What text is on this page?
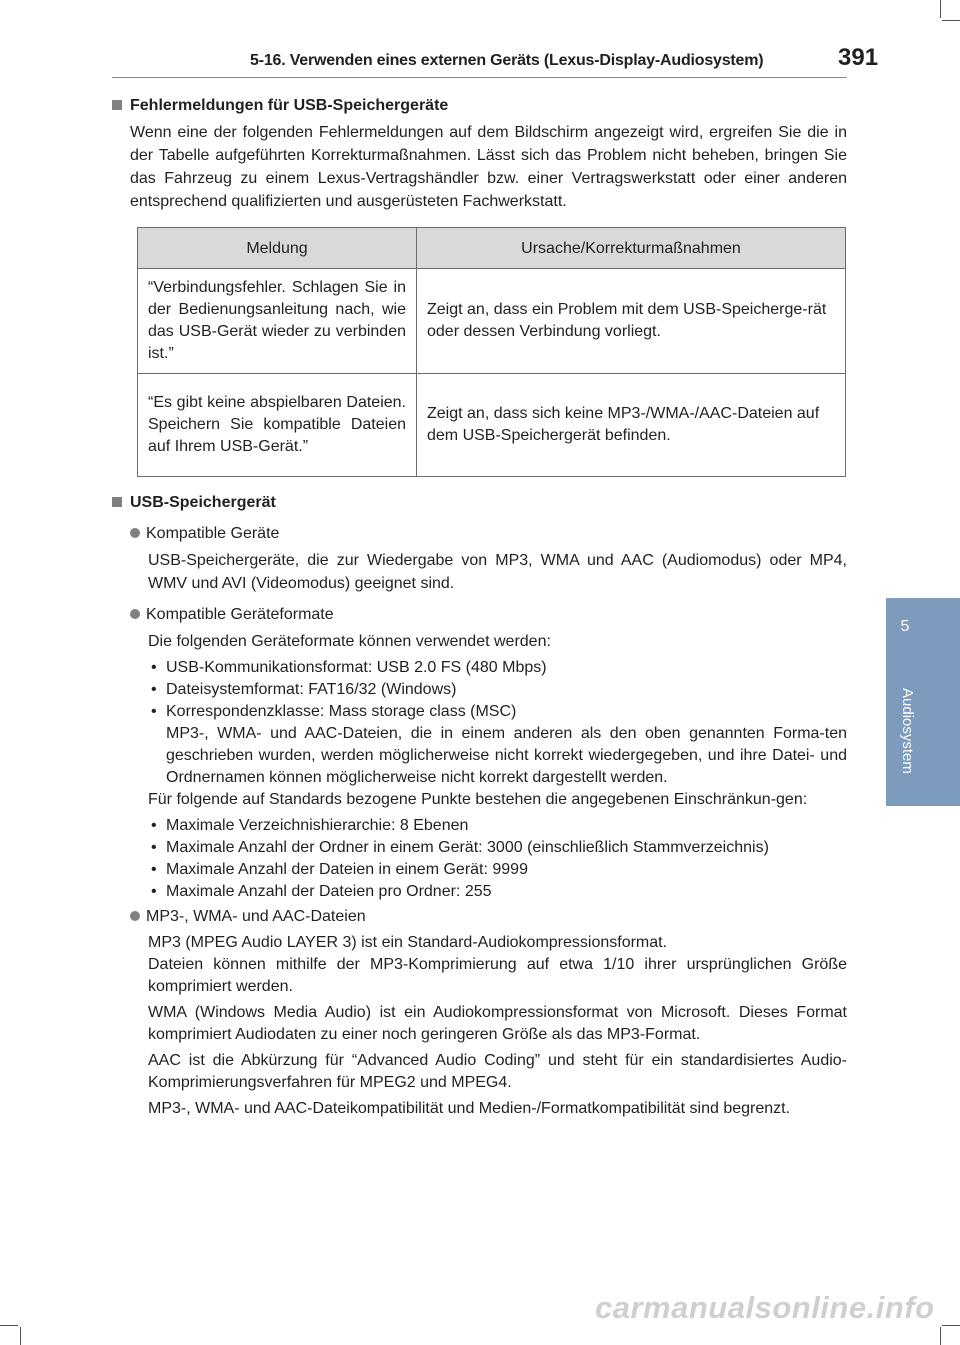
5-16. Verwenden eines externen Geräts (Lexus-Display-Audiosystem)	391
5
Audiosystem
Fehlermeldungen für USB-Speichergeräte
Wenn eine der folgenden Fehlermeldungen auf dem Bildschirm angezeigt wird, ergreifen Sie die in der Tabelle aufgeführten Korrekturmaßnahmen. Lässt sich das Problem nicht beheben, bringen Sie das Fahrzeug zu einem Lexus-Vertragshändler bzw. einer Vertragswerkstatt oder einer anderen entsprechend qualifizierten und ausgerüsteten Fachwerkstatt.
Meldung	Ursache/Korrekturmaßnahmen
“Verbindungsfehler. Schlagen Sie in der Bedienungsanleitung nach, wie das USB-Gerät wieder zu verbinden ist.”	Zeigt an, dass ein Problem mit dem USB-Speicherge-rät oder dessen Verbindung vorliegt.
“Es gibt keine abspielbaren Dateien. Speichern Sie kompatible Dateien auf Ihrem USB-Gerät.”	Zeigt an, dass sich keine MP3-/WMA-/AAC-Dateien auf dem USB-Speichergerät befinden.
USB-Speichergerät
Kompatible Geräte
USB-Speichergeräte, die zur Wiedergabe von MP3, WMA und AAC (Audiomodus) oder MP4, WMV und AVI (Videomodus) geeignet sind.
Kompatible Geräteformate
Die folgenden Geräteformate können verwendet werden:
• USB-Kommunikationsformat: USB 2.0 FS (480 Mbps)
• Dateisystemformat: FAT16/32 (Windows)
• Korrespondenzklasse: Mass storage class (MSC)
MP3-, WMA- und AAC-Dateien, die in einem anderen als den oben genannten Forma-ten geschrieben wurden, werden möglicherweise nicht korrekt wiedergegeben, und ihre Datei- und Ordnernamen können möglicherweise nicht korrekt dargestellt werden.
Für folgende auf Standards bezogene Punkte bestehen die angegebenen Einschränkun-gen:
• Maximale Verzeichnishierarchie: 8 Ebenen
• Maximale Anzahl der Ordner in einem Gerät: 3000 (einschließlich Stammverzeichnis)
• Maximale Anzahl der Dateien in einem Gerät: 9999
• Maximale Anzahl der Dateien pro Ordner: 255
MP3-, WMA- und AAC-Dateien
MP3 (MPEG Audio LAYER 3) ist ein Standard-Audiokompressionsformat.
Dateien können mithilfe der MP3-Komprimierung auf etwa 1/10 ihrer ursprünglichen Größe komprimiert werden.
WMA (Windows Media Audio) ist ein Audiokompressionsformat von Microsoft. Dieses Format komprimiert Audiodaten zu einer noch geringeren Größe als das MP3-Format.
AAC ist die Abkürzung für “Advanced Audio Coding” und steht für ein standardisiertes Audio-Komprimierungsverfahren für MPEG2 und MPEG4.
MP3-, WMA- und AAC-Dateikompatibilität und Medien-/Formatkompatibilität sind begrenzt.
carmanualsonline.info
